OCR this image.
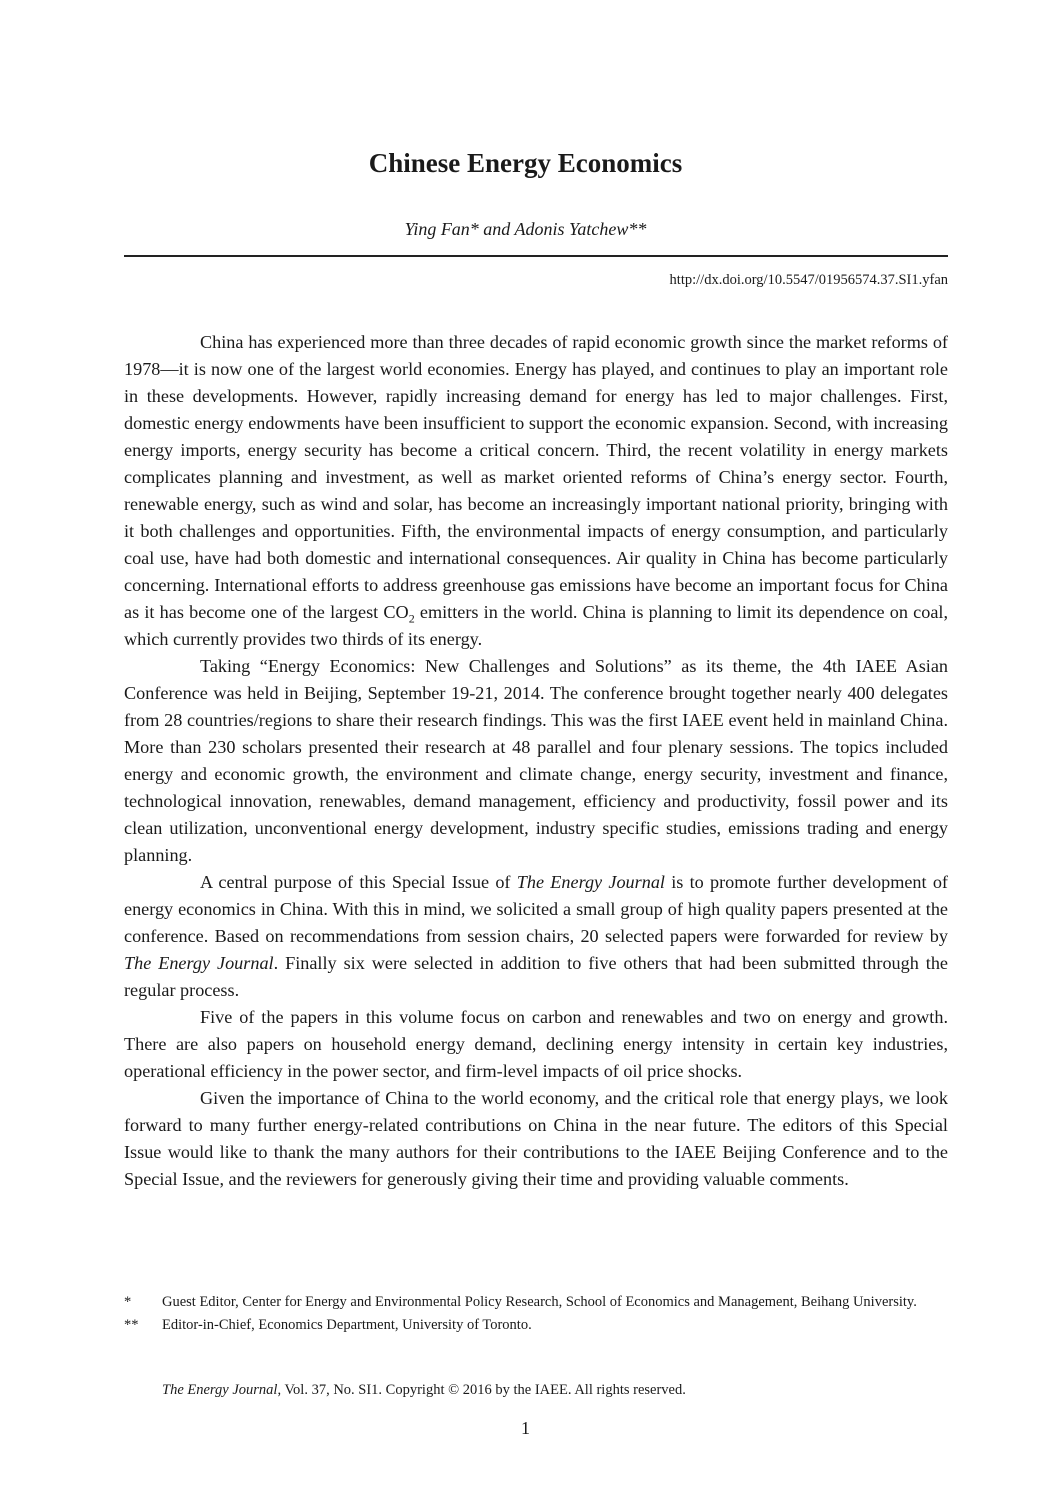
Chinese Energy Economics
Ying Fan* and Adonis Yatchew**
http://dx.doi.org/10.5547/01956574.37.SI1.yfan

China has experienced more than three decades of rapid economic growth since the market reforms of 1978—it is now one of the largest world economies. Energy has played, and continues to play an important role in these developments. However, rapidly increasing demand for energy has led to major challenges. First, domestic energy endowments have been insufficient to support the economic expansion. Second, with increasing energy imports, energy security has become a critical concern. Third, the recent volatility in energy markets complicates planning and investment, as well as market oriented reforms of China’s energy sector. Fourth, renewable energy, such as wind and solar, has become an increasingly important national priority, bringing with it both challenges and opportunities. Fifth, the environmental impacts of energy consumption, and particularly coal use, have had both domestic and international consequences. Air quality in China has become particularly concerning. International efforts to address greenhouse gas emissions have become an important focus for China as it has become one of the largest $CO_2$ emitters in the world. China is planning to limit its dependence on coal, which currently provides two thirds of its energy.

Taking “Energy Economics: New Challenges and Solutions” as its theme, the 4th IAEE Asian Conference was held in Beijing, September 19-21, 2014. The conference brought together nearly 400 delegates from 28 countries/regions to share their research findings. This was the first IAEE event held in mainland China. More than 230 scholars presented their research at 48 parallel and four plenary sessions. The topics included energy and economic growth, the environment and climate change, energy security, investment and finance, technological innovation, renewables, demand management, efficiency and productivity, fossil power and its clean utilization, unconventional energy development, industry specific studies, emissions trading and energy planning.

A central purpose of this Special Issue of The Energy Journal is to promote further development of energy economics in China. With this in mind, we solicited a small group of high quality papers presented at the conference. Based on recommendations from session chairs, 20 selected papers were forwarded for review by The Energy Journal. Finally six were selected in addition to five others that had been submitted through the regular process.

Five of the papers in this volume focus on carbon and renewables and two on energy and growth. There are also papers on household energy demand, declining energy intensity in certain key industries, operational efficiency in the power sector, and firm-level impacts of oil price shocks.

Given the importance of China to the world economy, and the critical role that energy plays, we look forward to many further energy-related contributions on China in the near future. The editors of this Special Issue would like to thank the many authors for their contributions to the IAEE Beijing Conference and to the Special Issue, and the reviewers for generously giving their time and providing valuable comments.

*	Guest Editor, Center for Energy and Environmental Policy Research, School of Economics and Management, Beihang University.
**	Editor-in-Chief, Economics Department, University of Toronto.
The Energy Journal, Vol. 37, No. SI1. Copyright © 2016 by the IAEE. All rights reserved.
1
